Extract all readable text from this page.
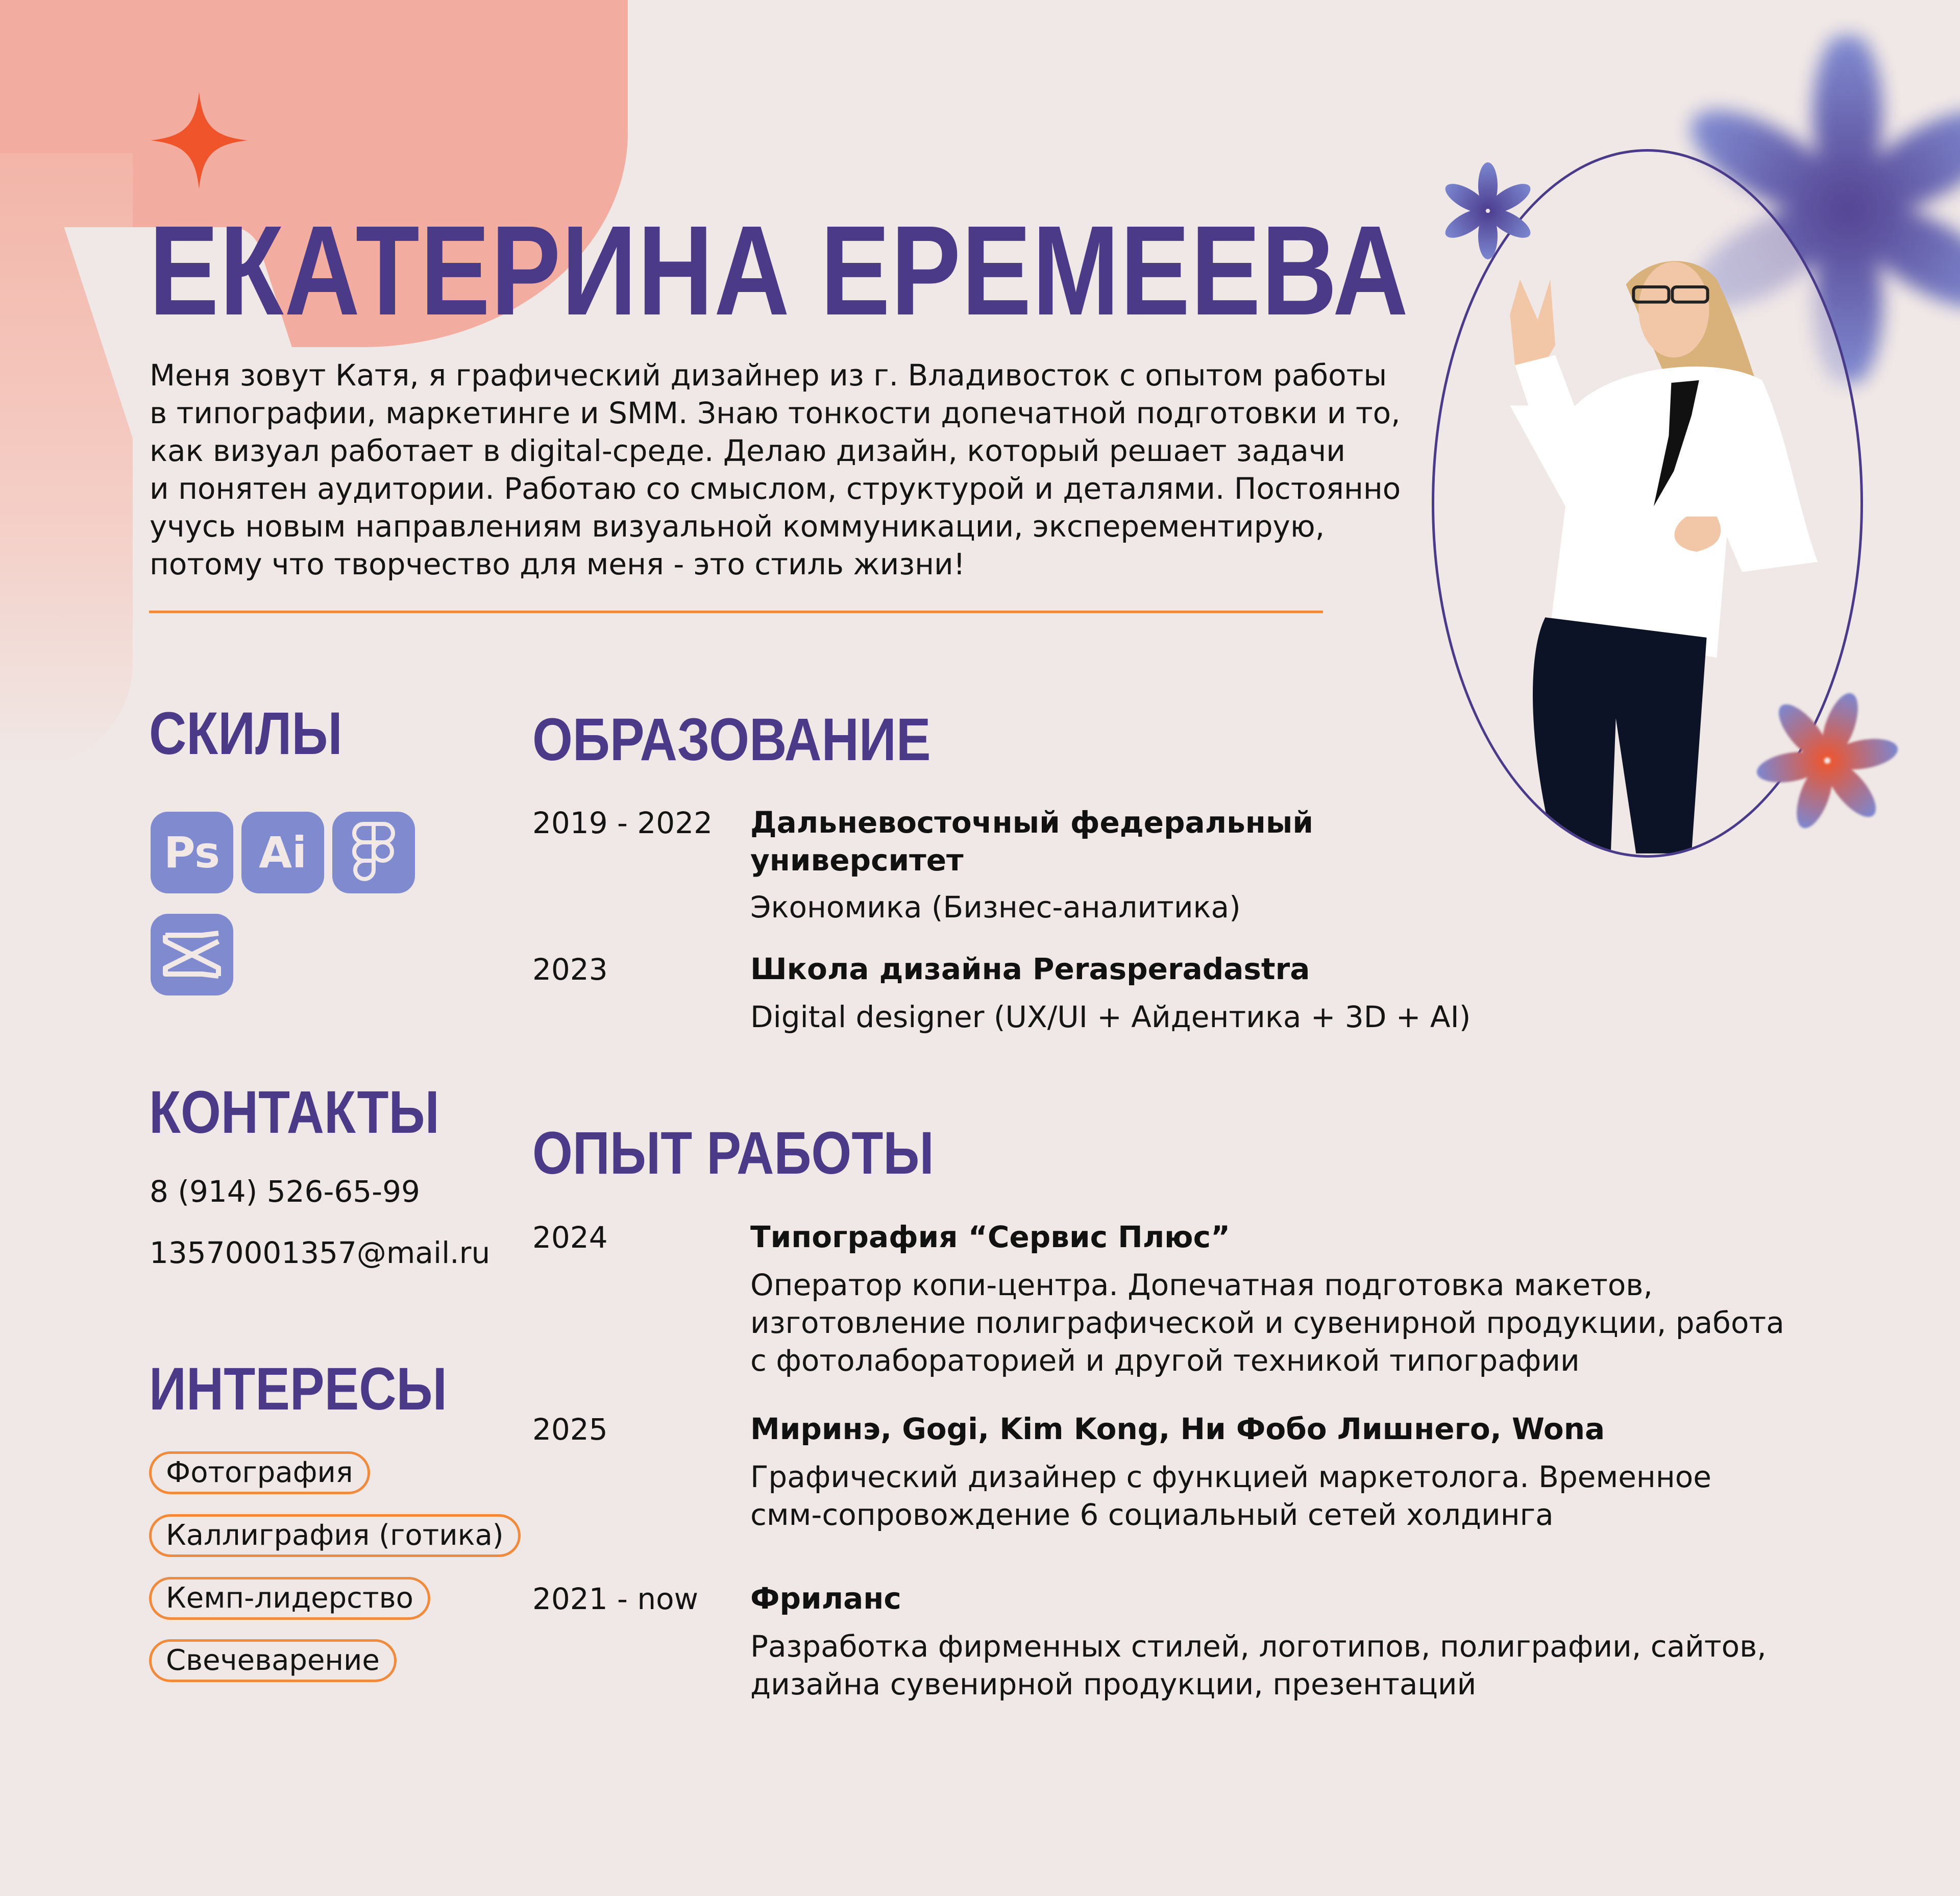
ЕКАТЕРИНА ЕРЕМЕЕВА

Меня зовут Катя, я графический дизайнер из г. Владивосток с опытом работы
в типографии, маркетинге и SMM. Знаю тонкости допечатной подготовки и то,
как визуал работает в digital-среде. Делаю дизайн, который решает задачи
и понятен аудитории. Работаю со смыслом, структурой и деталями. Постоянно
учусь новым направлениям визуальной коммуникации, эксперементирую,
потому что творчество для меня - это стиль жизни!

СКИЛЫ
Ps Ai
КОНТАКТЫ
8 (914) 526-65-99
13570001357@mail.ru
ИНТЕРЕСЫ
Фотография
Каллиграфия (готика)
Кемп-лидерство
Свечеварение
ОБРАЗОВАНИЕ
2019 - 2022 Дальневосточный федеральный
университет
Экономика (Бизнес-аналитика)
2023	Школа дизайна Perasperadastra
Digital designer (UX/UI + Айдентика + 3D + AI)
ОПЫТ РАБОТЫ
2024	Типография “Сервис Плюс”
Оператор копи-центра. Допечатная подготовка макетов,
изготовление полиграфической и сувенирной продукции, работа
с фотолабораторией и другой техникой типографии
2025	Миринэ, Gogi, Kim Kong, Ни Фобо Лишнего, Wona
Графический дизайнер с функцией маркетолога. Временное
смм-сопровождение 6 социальный сетей холдинга
2021 - now Фриланс
Разработка фирменных стилей, логотипов, полиграфии, сайтов,
дизайна сувенирной продукции, презентаций
